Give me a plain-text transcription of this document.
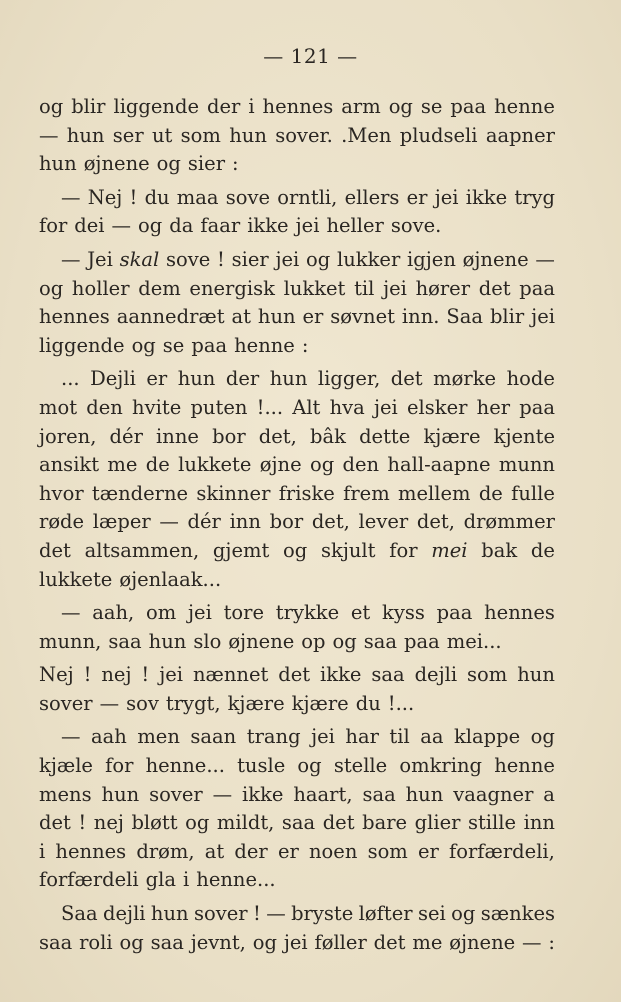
— 121 —
og blir liggende der i hennes arm og se paa henne
— hun ser ut som hun sover. .Men pludseli aapner
hun øjnene og sier :
— Nej ! du maa sove orntli, ellers er jei ikke tryg
for dei — og da faar ikke jei heller sove.
— Jei skal sove ! sier jei og lukker igjen øjnene —
og holler dem energisk lukket til jei hører det paa
hennes aannedræt at hun er søvnet inn. Saa blir jei
liggende og se paa henne :
... Dejli er hun der hun ligger, det mørke hode
mot den hvite puten !... Alt hva jei elsker her paa
joren, dér inne bor det, bâk dette kjære kjente
ansikt me de lukkete øjne og den hall-aapne munn
hvor tænderne skinner friske frem mellem de fulle
røde læper — dér inn bor det, lever det, drømmer
det altsammen, gjemt og skjult for mei bak de
lukkete øjenlaak...
— aah, om jei tore trykke et kyss paa hennes
munn, saa hun slo øjnene op og saa paa mei...
Nej ! nej ! jei nænnet det ikke saa dejli som hun
sover — sov trygt, kjære kjære du !...
— aah men saan trang jei har til aa klappe og
kjæle for henne... tusle og stelle omkring henne
mens hun sover — ikke haart, saa hun vaagner a
det ! nej bløtt og mildt, saa det bare glier stille inn
i hennes drøm, at der er noen som er forfærdeli,
forfærdeli gla i henne...
Saa dejli hun sover ! — bryste løfter sei og sænkes
saa roli og saa jevnt, og jei føller det me øjnene — :
